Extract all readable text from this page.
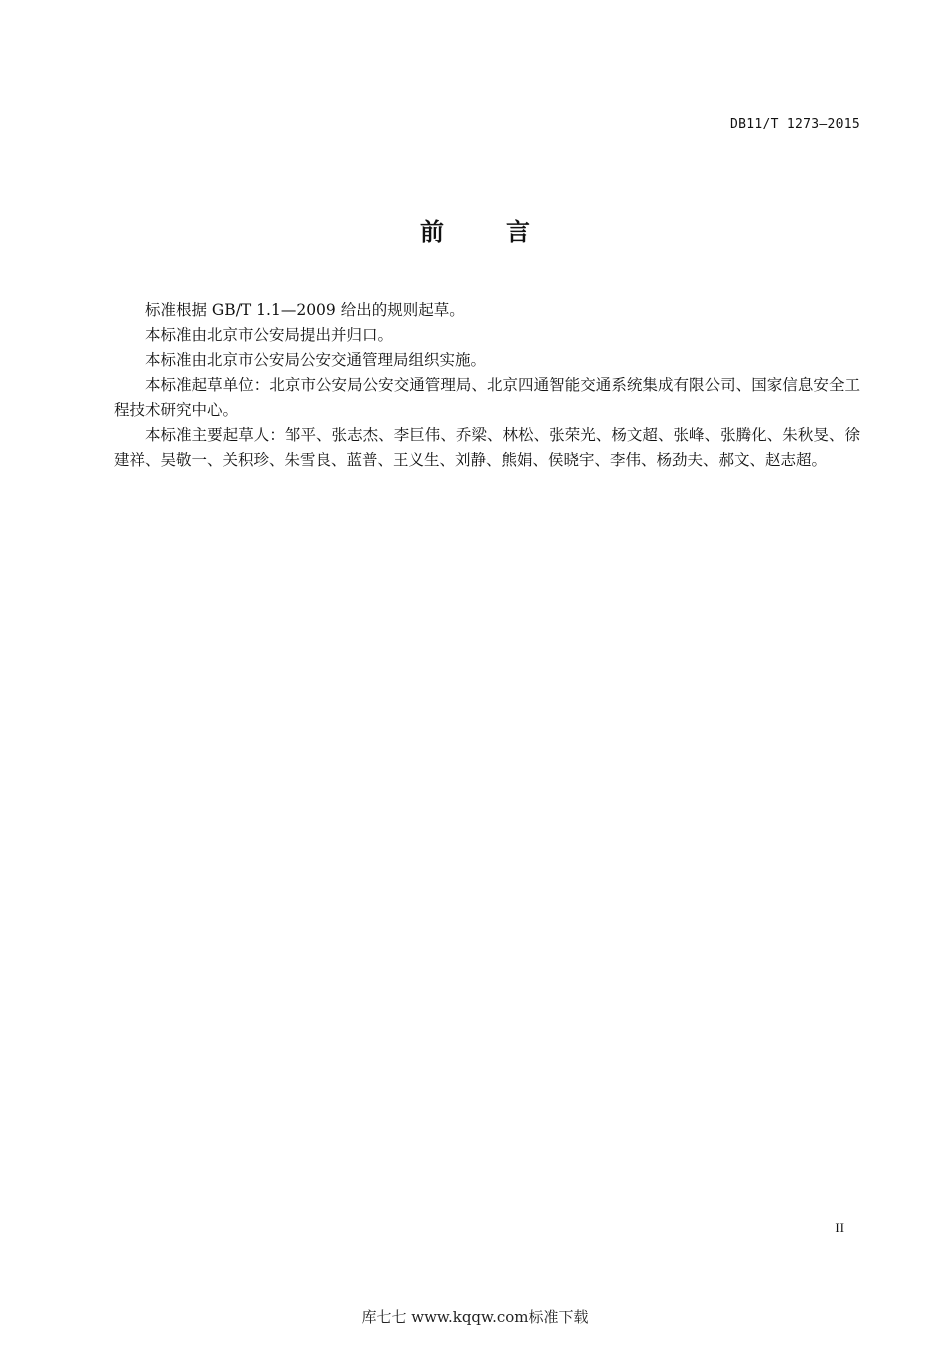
DB11/T 1273—2015
前	言

标准根据 GB/T 1.1—2009 给出的规则起草。

本标准由北京市公安局提出并归口。

本标准由北京市公安局公安交通管理局组织实施。

本标准起草单位：北京市公安局公安交通管理局、北京四通智能交通系统集成有限公司、国家信息安全工程技术研究中心。

本标准主要起草人：邹平、张志杰、李巨伟、乔梁、林松、张荣光、杨文超、张峰、张腾化、朱秋旻、徐建祥、吴敬一、关积珍、朱雪良、蓝普、王义生、刘静、熊娟、侯晓宇、李伟、杨劲夫、郝文、赵志超。

II
库七七 www.kqqw.com标准下载
